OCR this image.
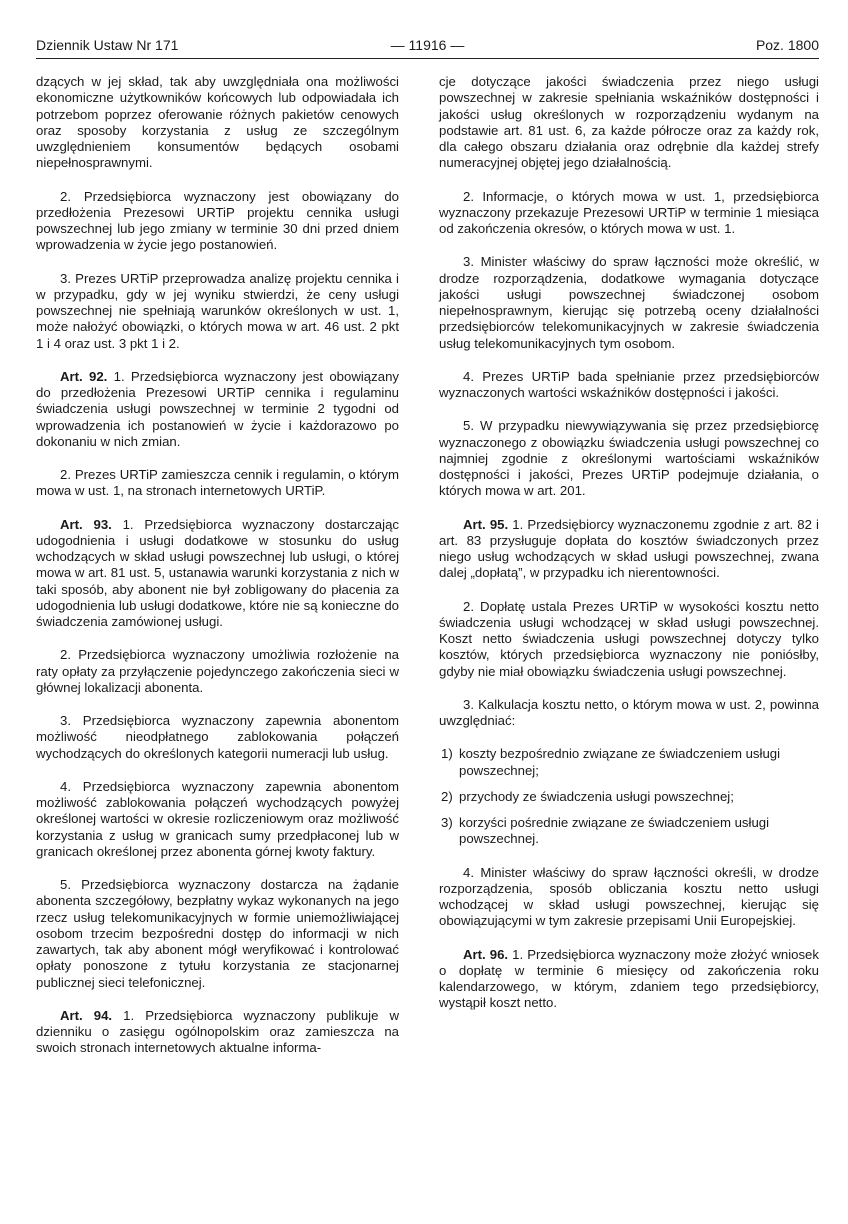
Dziennik Ustaw Nr 171	— 11916 —	Poz. 1800

dzących w jej skład, tak aby uwzględniała ona możliwości ekonomiczne użytkowników końcowych lub odpowiadała ich potrzebom poprzez oferowanie różnych pakietów cenowych oraz sposoby korzystania z usług ze szczególnym uwzględnieniem konsumentów będących osobami niepełnosprawnymi.

2. Przedsiębiorca wyznaczony jest obowiązany do przedłożenia Prezesowi URTiP projektu cennika usługi powszechnej lub jego zmiany w terminie 30 dni przed dniem wprowadzenia w życie jego postanowień.

3. Prezes URTiP przeprowadza analizę projektu cennika i w przypadku, gdy w jej wyniku stwierdzi, że ceny usługi powszechnej nie spełniają warunków określonych w ust. 1, może nałożyć obowiązki, o których mowa w art. 46 ust. 2 pkt 1 i 4 oraz ust. 3 pkt 1 i 2.

Art. 92. 1. Przedsiębiorca wyznaczony jest obowiązany do przedłożenia Prezesowi URTiP cennika i regulaminu świadczenia usługi powszechnej w terminie 2 tygodni od wprowadzenia ich postanowień w życie i każdorazowo po dokonaniu w nich zmian.

2. Prezes URTiP zamieszcza cennik i regulamin, o którym mowa w ust. 1, na stronach internetowych URTiP.

Art. 93. 1. Przedsiębiorca wyznaczony dostarczając udogodnienia i usługi dodatkowe w stosunku do usług wchodzących w skład usługi powszechnej lub usługi, o której mowa w art. 81 ust. 5, ustanawia warunki korzystania z nich w taki sposób, aby abonent nie był zobligowany do płacenia za udogodnienia lub usługi dodatkowe, które nie są konieczne do świadczenia zamówionej usługi.

2. Przedsiębiorca wyznaczony umożliwia rozłożenie na raty opłaty za przyłączenie pojedynczego zakończenia sieci w głównej lokalizacji abonenta.

3. Przedsiębiorca wyznaczony zapewnia abonentom możliwość nieodpłatnego zablokowania połączeń wychodzących do określonych kategorii numeracji lub usług.

4. Przedsiębiorca wyznaczony zapewnia abonentom możliwość zablokowania połączeń wychodzących powyżej określonej wartości w okresie rozliczeniowym oraz możliwość korzystania z usług w granicach sumy przedpłaconej lub w granicach określonej przez abonenta górnej kwoty faktury.

5. Przedsiębiorca wyznaczony dostarcza na żądanie abonenta szczegółowy, bezpłatny wykaz wykonanych na jego rzecz usług telekomunikacyjnych w formie uniemożliwiającej osobom trzecim bezpośredni dostęp do informacji w nich zawartych, tak aby abonent mógł weryfikować i kontrolować opłaty ponoszone z tytułu korzystania ze stacjonarnej publicznej sieci telefonicznej.

Art. 94. 1. Przedsiębiorca wyznaczony publikuje w dzienniku o zasięgu ogólnopolskim oraz zamieszcza na swoich stronach internetowych aktualne informa-

cje dotyczące jakości świadczenia przez niego usługi powszechnej w zakresie spełniania wskaźników dostępności i jakości usług określonych w rozporządzeniu wydanym na podstawie art. 81 ust. 6, za każde półrocze oraz za każdy rok, dla całego obszaru działania oraz odrębnie dla każdej strefy numeracyjnej objętej jego działalnością.

2. Informacje, o których mowa w ust. 1, przedsiębiorca wyznaczony przekazuje Prezesowi URTiP w terminie 1 miesiąca od zakończenia okresów, o których mowa w ust. 1.

3. Minister właściwy do spraw łączności może określić, w drodze rozporządzenia, dodatkowe wymagania dotyczące jakości usługi powszechnej świadczonej osobom niepełnosprawnym, kierując się potrzebą oceny działalności przedsiębiorców telekomunikacyjnych w zakresie świadczenia usług telekomunikacyjnych tym osobom.

4. Prezes URTiP bada spełnianie przez przedsiębiorców wyznaczonych wartości wskaźników dostępności i jakości.

5. W przypadku niewywiązywania się przez przedsiębiorcę wyznaczonego z obowiązku świadczenia usługi powszechnej co najmniej zgodnie z określonymi wartościami wskaźników dostępności i jakości, Prezes URTiP podejmuje działania, o których mowa w art. 201.

Art. 95. 1. Przedsiębiorcy wyznaczonemu zgodnie z art. 82 i art. 83 przysługuje dopłata do kosztów świadczonych przez niego usług wchodzących w skład usługi powszechnej, zwana dalej „dopłatą”, w przypadku ich nierentowności.

2. Dopłatę ustala Prezes URTiP w wysokości kosztu netto świadczenia usługi wchodzącej w skład usługi powszechnej. Koszt netto świadczenia usługi powszechnej dotyczy tylko kosztów, których przedsiębiorca wyznaczony nie poniósłby, gdyby nie miał obowiązku świadczenia usługi powszechnej.

3. Kalkulacja kosztu netto, o którym mowa w ust. 2, powinna uwzględniać:

1) koszty bezpośrednio związane ze świadczeniem usługi powszechnej;
2) przychody ze świadczenia usługi powszechnej;
3) korzyści pośrednie związane ze świadczeniem usługi powszechnej.

4. Minister właściwy do spraw łączności określi, w drodze rozporządzenia, sposób obliczania kosztu netto usługi wchodzącej w skład usługi powszechnej, kierując się obowiązującymi w tym zakresie przepisami Unii Europejskiej.

Art. 96. 1. Przedsiębiorca wyznaczony może złożyć wniosek o dopłatę w terminie 6 miesięcy od zakończenia roku kalendarzowego, w którym, zdaniem tego przedsiębiorcy, wystąpił koszt netto.
